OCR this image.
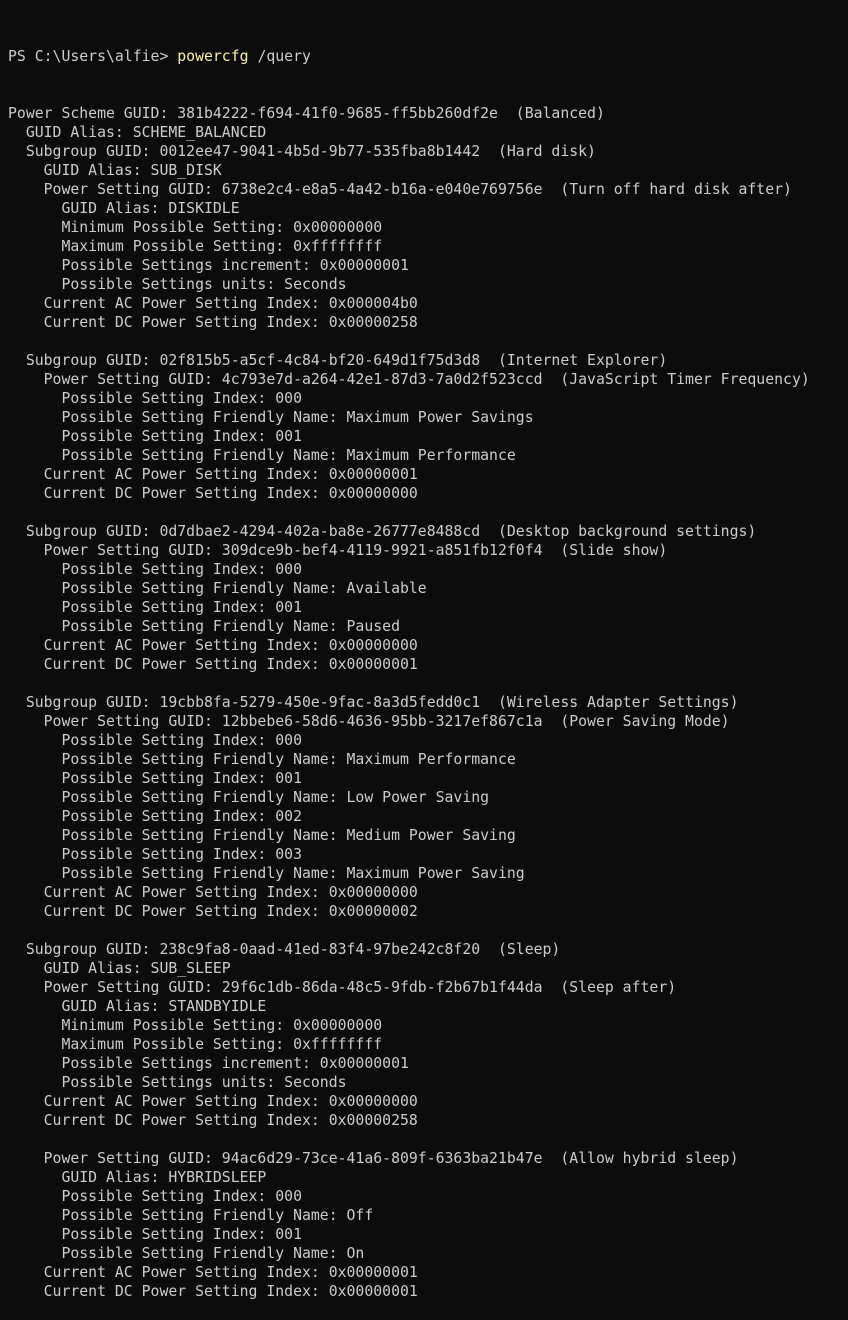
PS C:\Users\alfie> powercfg /query

Power Scheme GUID: 381b4222-f694-41f0-9685-ff5bb260df2e  (Balanced)
GUID Alias: SCHEME_BALANCED
Subgroup GUID: 0012ee47-9041-4b5d-9b77-535fba8b1442  (Hard disk)
GUID Alias: SUB_DISK
Power Setting GUID: 6738e2c4-e8a5-4a42-b16a-e040e769756e  (Turn off hard disk after)
GUID Alias: DISKIDLE
Minimum Possible Setting: 0x00000000
Maximum Possible Setting: 0xffffffff
Possible Settings increment: 0x00000001
Possible Settings units: Seconds
Current AC Power Setting Index: 0x000004b0
Current DC Power Setting Index: 0x00000258
Subgroup GUID: 02f815b5-a5cf-4c84-bf20-649d1f75d3d8  (Internet Explorer)
Power Setting GUID: 4c793e7d-a264-42e1-87d3-7a0d2f523ccd  (JavaScript Timer Frequency)
Possible Setting Index: 000
Possible Setting Friendly Name: Maximum Power Savings
Possible Setting Index: 001
Possible Setting Friendly Name: Maximum Performance
Current AC Power Setting Index: 0x00000001
Current DC Power Setting Index: 0x00000000
Subgroup GUID: 0d7dbae2-4294-402a-ba8e-26777e8488cd  (Desktop background settings)
Power Setting GUID: 309dce9b-bef4-4119-9921-a851fb12f0f4  (Slide show)
Possible Setting Index: 000
Possible Setting Friendly Name: Available
Possible Setting Index: 001
Possible Setting Friendly Name: Paused
Current AC Power Setting Index: 0x00000000
Current DC Power Setting Index: 0x00000001
Subgroup GUID: 19cbb8fa-5279-450e-9fac-8a3d5fedd0c1  (Wireless Adapter Settings)
Power Setting GUID: 12bbebe6-58d6-4636-95bb-3217ef867c1a  (Power Saving Mode)
Possible Setting Index: 000
Possible Setting Friendly Name: Maximum Performance
Possible Setting Index: 001
Possible Setting Friendly Name: Low Power Saving
Possible Setting Index: 002
Possible Setting Friendly Name: Medium Power Saving
Possible Setting Index: 003
Possible Setting Friendly Name: Maximum Power Saving
Current AC Power Setting Index: 0x00000000
Current DC Power Setting Index: 0x00000002
Subgroup GUID: 238c9fa8-0aad-41ed-83f4-97be242c8f20  (Sleep)
GUID Alias: SUB_SLEEP
Power Setting GUID: 29f6c1db-86da-48c5-9fdb-f2b67b1f44da  (Sleep after)
GUID Alias: STANDBYIDLE
Minimum Possible Setting: 0x00000000
Maximum Possible Setting: 0xffffffff
Possible Settings increment: 0x00000001
Possible Settings units: Seconds
Current AC Power Setting Index: 0x00000000
Current DC Power Setting Index: 0x00000258
Power Setting GUID: 94ac6d29-73ce-41a6-809f-6363ba21b47e  (Allow hybrid sleep)
GUID Alias: HYBRIDSLEEP
Possible Setting Index: 000
Possible Setting Friendly Name: Off
Possible Setting Index: 001
Possible Setting Friendly Name: On
Current AC Power Setting Index: 0x00000001
Current DC Power Setting Index: 0x00000001
